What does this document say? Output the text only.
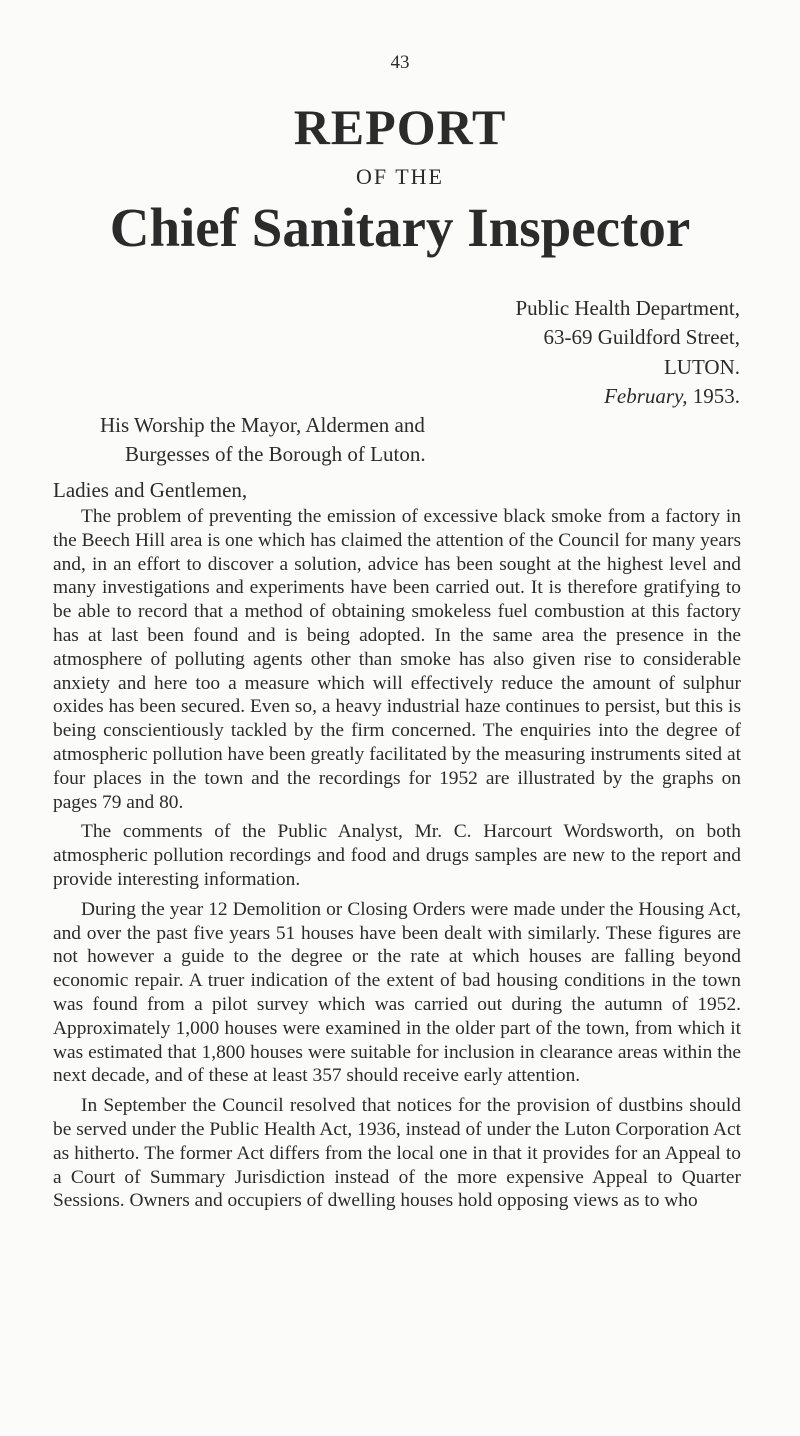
43
REPORT
OF THE
Chief Sanitary Inspector
Public Health Department,
63-69 Guildford Street,
LUTON.
February, 1953.
His Worship the Mayor, Aldermen and
Burgesses of the Borough of Luton.
Ladies and Gentlemen,

The problem of preventing the emission of excessive black smoke from a factory in the Beech Hill area is one which has claimed the attention of the Council for many years and, in an effort to discover a solution, advice has been sought at the highest level and many investigations and experiments have been carried out. It is therefore gratifying to be able to record that a method of obtaining smokeless fuel combustion at this factory has at last been found and is being adopted. In the same area the presence in the atmosphere of polluting agents other than smoke has also given rise to considerable anxiety and here too a measure which will effectively reduce the amount of sulphur oxides has been secured. Even so, a heavy industrial haze continues to persist, but this is being conscientiously tackled by the firm concerned. The enquiries into the degree of atmospheric pollution have been greatly facilitated by the measuring instruments sited at four places in the town and the recordings for 1952 are illustrated by the graphs on pages 79 and 80.

The comments of the Public Analyst, Mr. C. Harcourt Wordsworth, on both atmospheric pollution recordings and food and drugs samples are new to the report and provide interesting information.

During the year 12 Demolition or Closing Orders were made under the Housing Act, and over the past five years 51 houses have been dealt with similarly. These figures are not however a guide to the degree or the rate at which houses are falling beyond economic repair. A truer indication of the extent of bad housing conditions in the town was found from a pilot survey which was carried out during the autumn of 1952. Approximately 1,000 houses were examined in the older part of the town, from which it was estimated that 1,800 houses were suitable for inclusion in clearance areas within the next decade, and of these at least 357 should receive early attention.

In September the Council resolved that notices for the provision of dustbins should be served under the Public Health Act, 1936, instead of under the Luton Corporation Act as hitherto. The former Act differs from the local one in that it provides for an Appeal to a Court of Summary Jurisdiction instead of the more expensive Appeal to Quarter Sessions. Owners and occupiers of dwelling houses hold opposing views as to who
